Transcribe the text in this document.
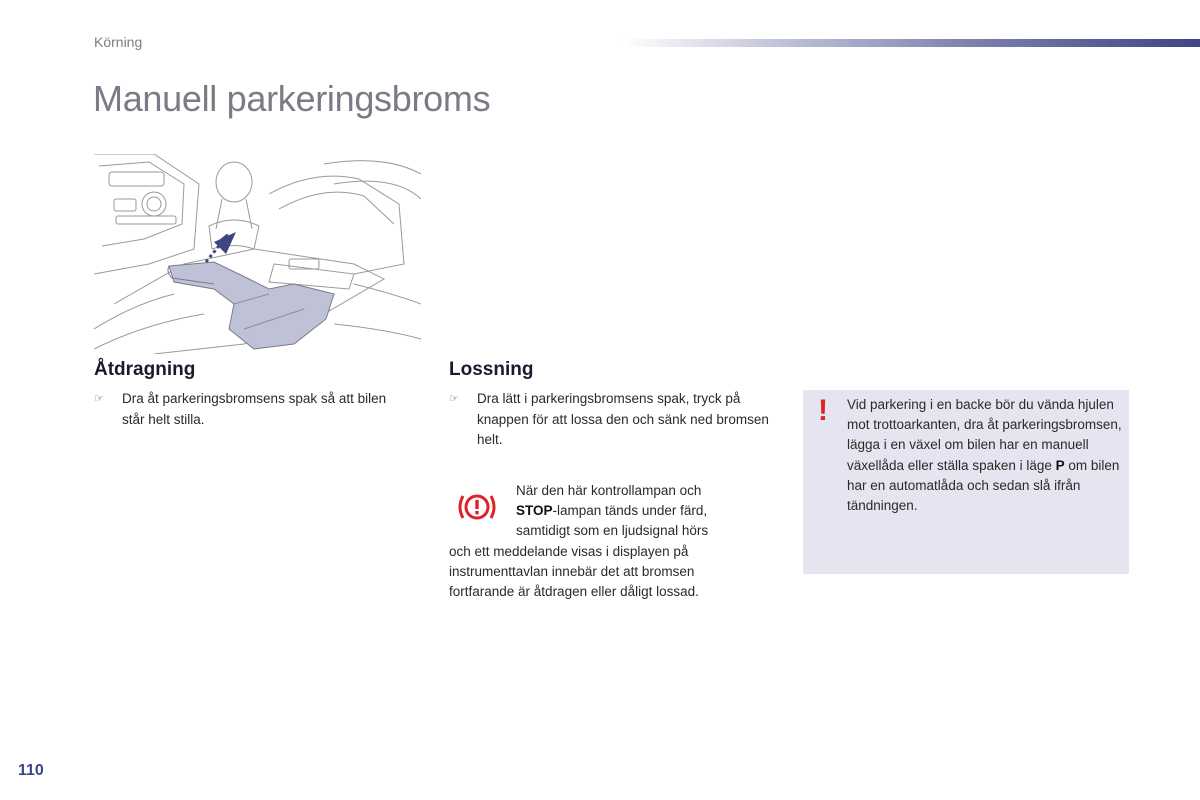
Körning
Manuell parkeringsbroms
Åtdragning
☞	Dra åt parkeringsbromsens spak så att bilen står helt stilla.
Lossning
☞	Dra lätt i parkeringsbromsens spak, tryck på knappen för att lossa den och sänk ned bromsen helt.
När den här kontrollampan och
STOP-lampan tänds under färd,
samtidigt som en ljudsignal hörs
och ett meddelande visas i displayen på
instrumenttavlan innebär det att bromsen
fortfarande är åtdragen eller dåligt lossad.
! Vid parkering i en backe bör du vända hjulen mot trottoarkanten, dra åt parkeringsbromsen, lägga i en växel om bilen har en manuell växellåda eller ställa spaken i läge P om bilen har en automatlåda och sedan slå ifrån tändningen.
110
